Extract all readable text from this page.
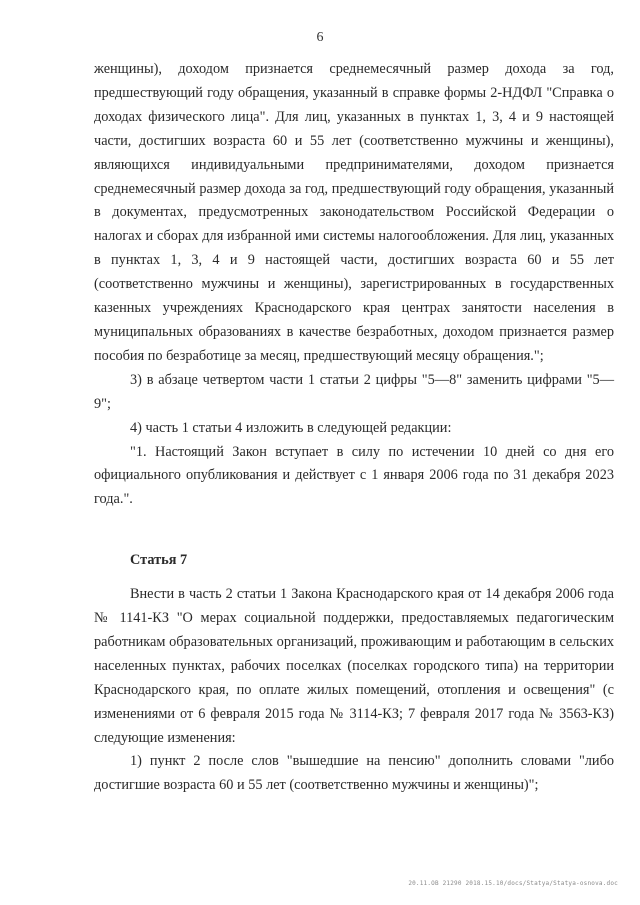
6

женщины), доходом признается среднемесячный размер дохода за год, предшествующий году обращения, указанный в справке формы 2-НДФЛ "Справка о доходах физического лица". Для лиц, указанных в пунктах 1, 3, 4 и 9 настоящей части, достигших возраста 60 и 55 лет (соответственно мужчины и женщины), являющихся индивидуальными предпринимателями, доходом признается среднемесячный размер дохода за год, предшествующий году обращения, указанный в документах, предусмотренных законодательством Российской Федерации о налогах и сборах для избранной ими системы налогообложения. Для лиц, указанных в пунктах 1, 3, 4 и 9 настоящей части, достигших возраста 60 и 55 лет (соответственно мужчины и женщины), зарегистрированных в государственных казенных учреждениях Краснодарского края центрах занятости населения в муниципальных образованиях в качестве безработных, доходом признается размер пособия по безработице за месяц, предшествующий месяцу обращения.";

3) в абзаце четвертом части 1 статьи 2 цифры "5—8" заменить цифрами "5—9";

4) часть 1 статьи 4 изложить в следующей редакции:

"1. Настоящий Закон вступает в силу по истечении 10 дней со дня его официального опубликования и действует с 1 января 2006 года по 31 декабря 2023 года.".

Статья 7

Внести в часть 2 статьи 1 Закона Краснодарского края от 14 декабря 2006 года № 1141-КЗ "О мерах социальной поддержки, предоставляемых педагогическим работникам образовательных организаций, проживающим и работающим в сельских населенных пунктах, рабочих поселках (поселках городского типа) на территории Краснодарского края, по оплате жилых помещений, отопления и освещения" (с изменениями от 6 февраля 2015 года № 3114-КЗ; 7 февраля 2017 года № 3563-КЗ) следующие изменения:

1) пункт 2 после слов "вышедшие на пенсию" дополнить словами "либо достигшие возраста 60 и 55 лет (соответственно мужчины и женщины)";

20.11.ОВ 21290 2018.15.10/docs/Statya/Statya-osnova.doc
